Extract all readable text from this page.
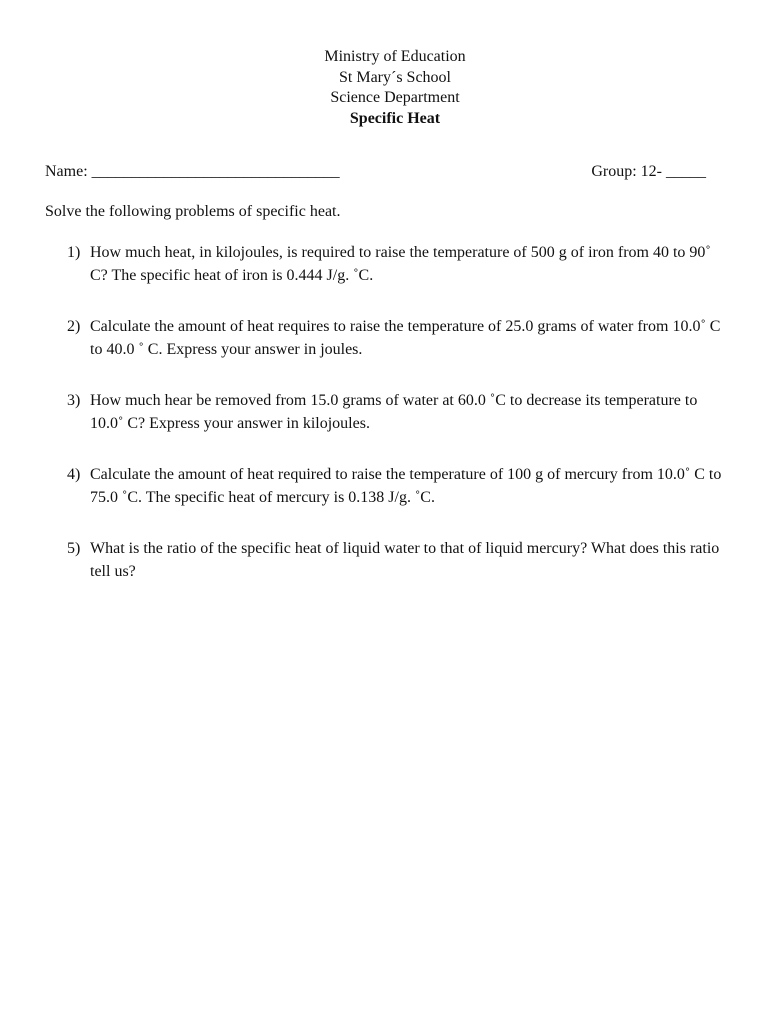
Ministry of Education
St Mary´s School
Science Department
Specific Heat
Name: _______________________________	Group: 12- _____
Solve the following problems of specific heat.
1) How much heat, in kilojoules, is required to raise the temperature of 500 g of iron from 40 to 90˚ C? The specific heat of iron is 0.444 J/g. ˚C.
2) Calculate the amount of heat requires to raise the temperature of 25.0 grams of water from 10.0˚ C to 40.0 ˚ C. Express your answer in joules.
3) How much hear be removed from 15.0 grams of water at 60.0 ˚C to decrease its temperature to 10.0˚ C? Express your answer in kilojoules.
4) Calculate the amount of heat required to raise the temperature of 100 g of mercury from 10.0˚ C to 75.0 ˚C. The specific heat of mercury is 0.138 J/g. ˚C.
5) What is the ratio of the specific heat of liquid water to that of liquid mercury? What does this ratio tell us?
